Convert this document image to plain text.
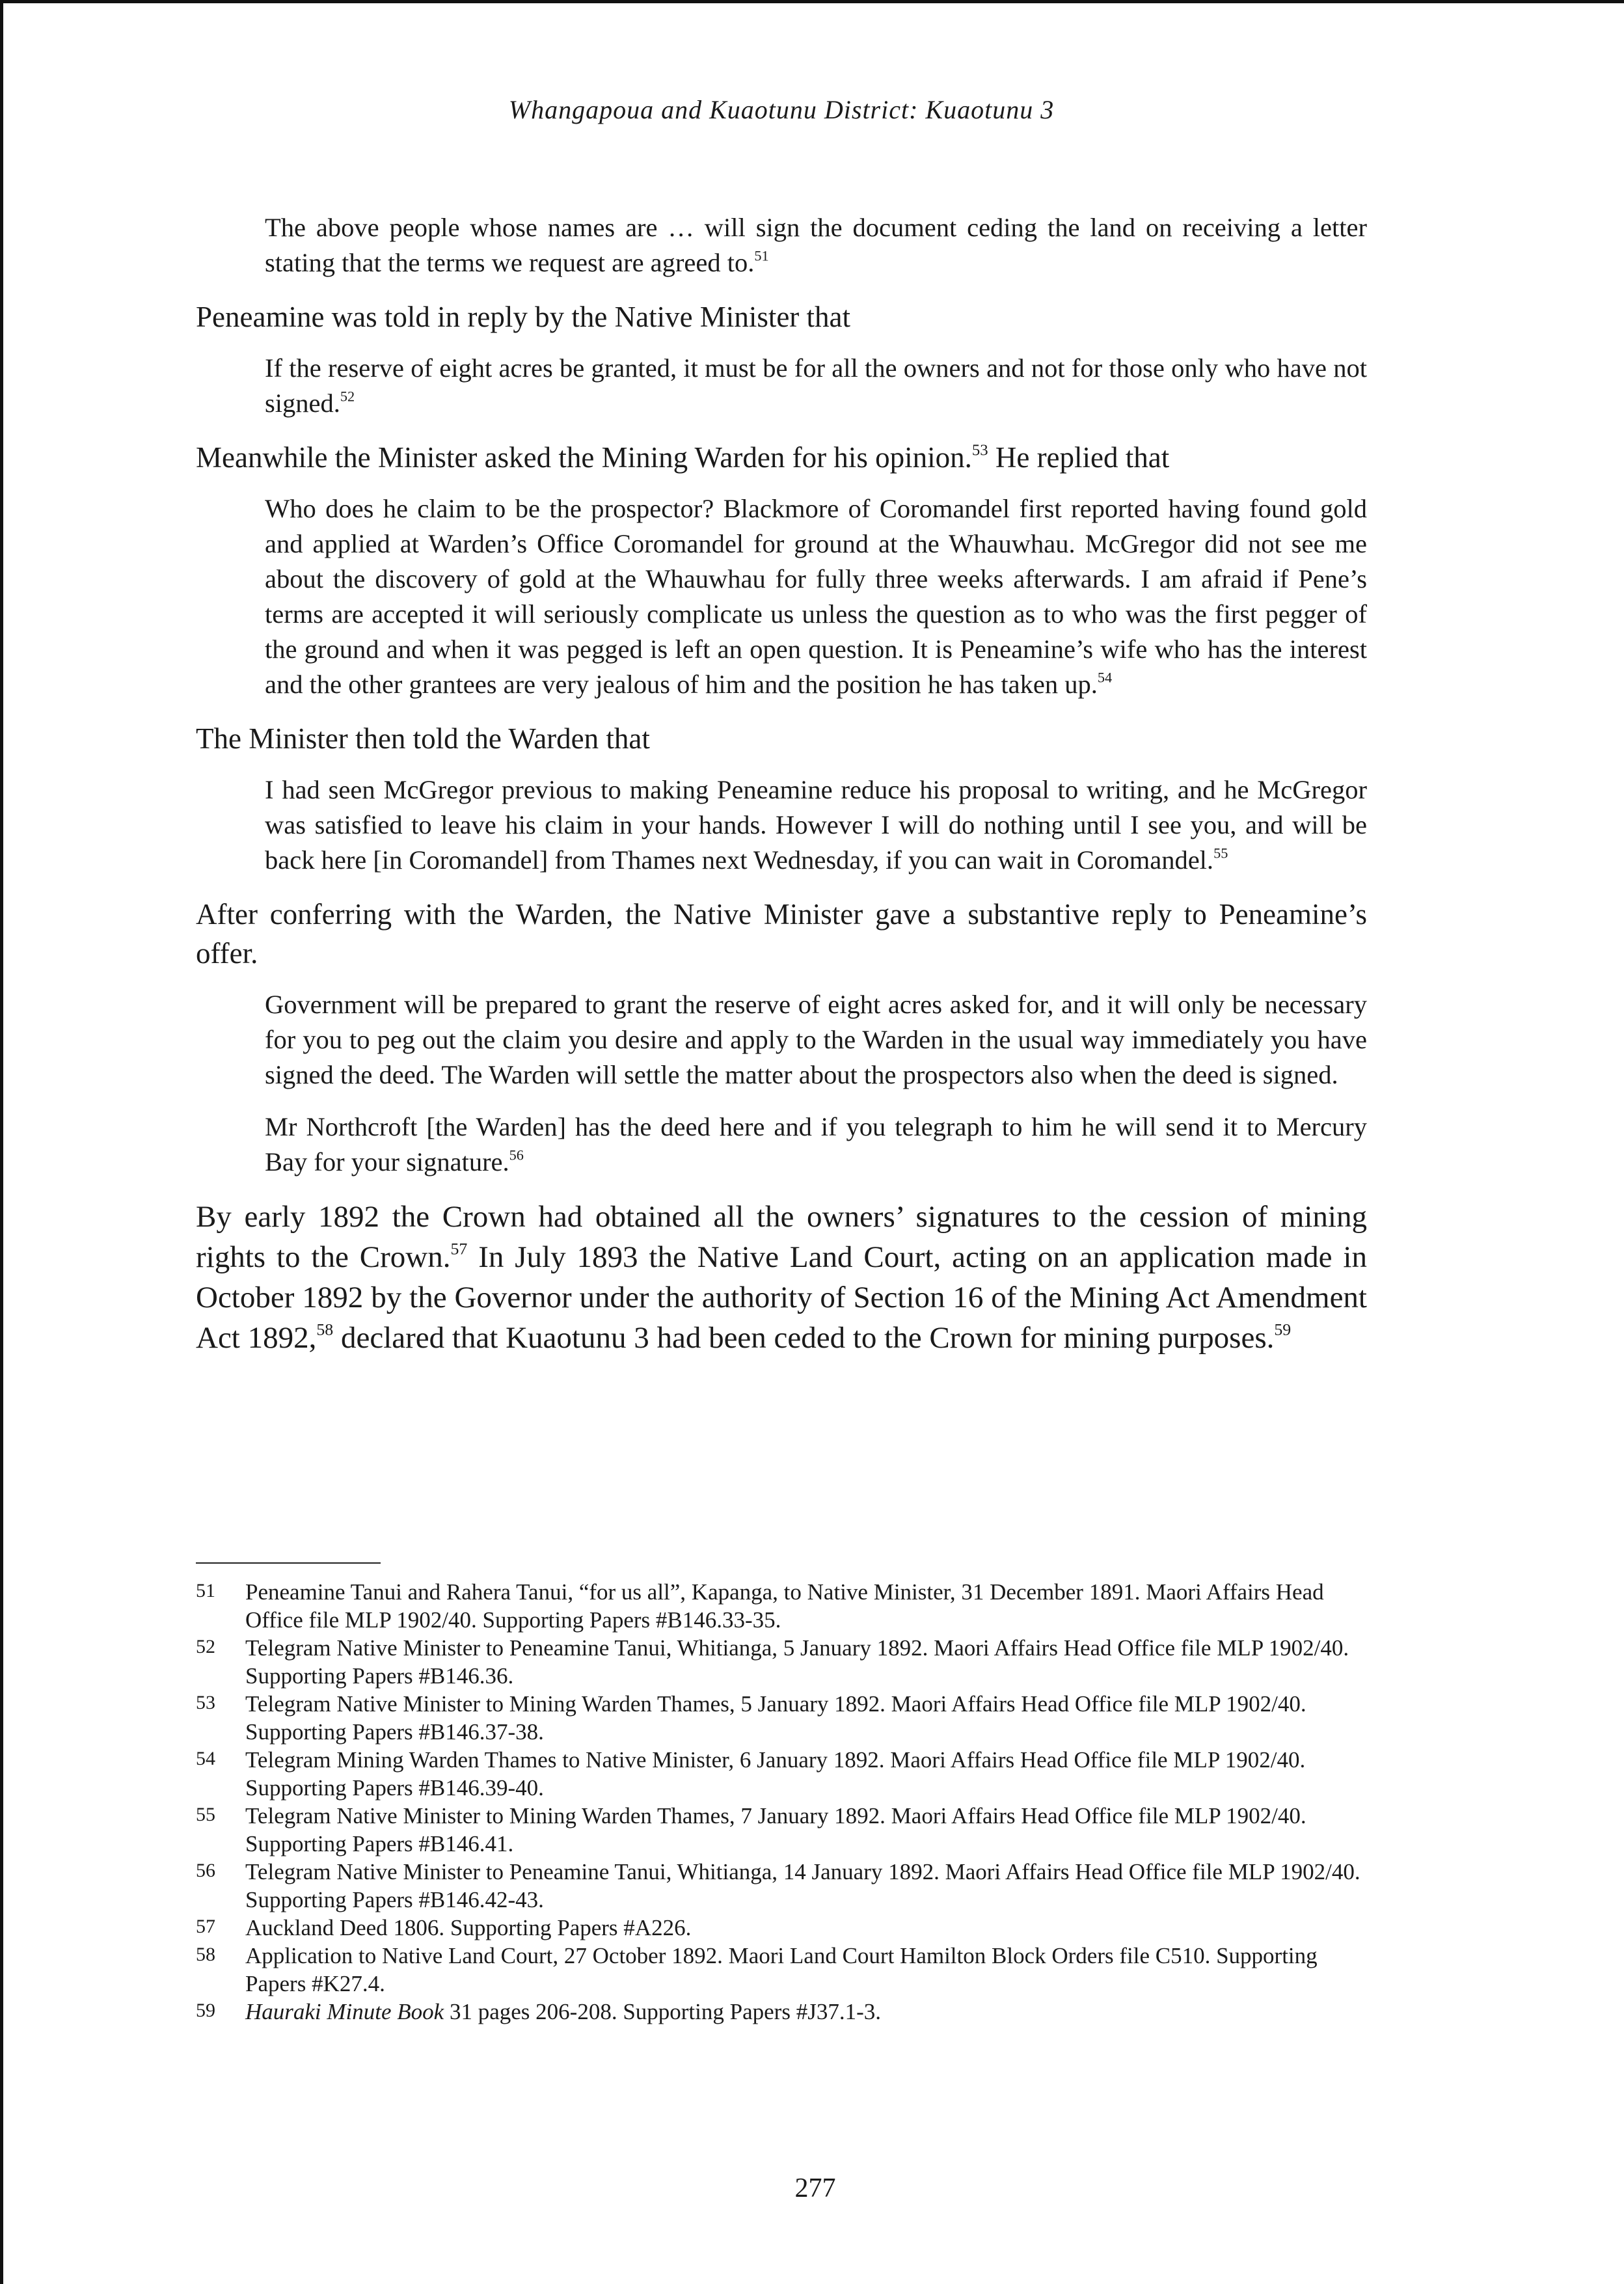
Whangapoua and Kuaotunu District: Kuaotunu 3

The above people whose names are … will sign the document ceding the land on receiving a letter stating that the terms we request are agreed to.$^{51}$

Peneamine was told in reply by the Native Minister that

If the reserve of eight acres be granted, it must be for all the owners and not for those only who have not signed.$^{52}$

Meanwhile the Minister asked the Mining Warden for his opinion.$^{53}$ He replied that

Who does he claim to be the prospector? Blackmore of Coromandel first reported having found gold and applied at Warden’s Office Coromandel for ground at the Whauwhau. McGregor did not see me about the discovery of gold at the Whauwhau for fully three weeks afterwards. I am afraid if Pene’s terms are accepted it will seriously complicate us unless the question as to who was the first pegger of the ground and when it was pegged is left an open question. It is Peneamine’s wife who has the interest and the other grantees are very jealous of him and the position he has taken up.$^{54}$

The Minister then told the Warden that

I had seen McGregor previous to making Peneamine reduce his proposal to writing, and he McGregor was satisfied to leave his claim in your hands. However I will do nothing until I see you, and will be back here [in Coromandel] from Thames next Wednesday, if you can wait in Coromandel.$^{55}$

After conferring with the Warden, the Native Minister gave a substantive reply to Peneamine’s offer.

Government will be prepared to grant the reserve of eight acres asked for, and it will only be necessary for you to peg out the claim you desire and apply to the Warden in the usual way immediately you have signed the deed. The Warden will settle the matter about the prospectors also when the deed is signed.

Mr Northcroft [the Warden] has the deed here and if you telegraph to him he will send it to Mercury Bay for your signature.$^{56}$

By early 1892 the Crown had obtained all the owners’ signatures to the cession of mining rights to the Crown.$^{57}$ In July 1893 the Native Land Court, acting on an application made in October 1892 by the Governor under the authority of Section 16 of the Mining Act Amendment Act 1892,58 declared that Kuaotunu 3 had been ceded to the Crown for mining purposes.$^{59}$

51	Peneamine Tanui and Rahera Tanui, “for us all”, Kapanga, to Native Minister, 31 December 1891. Maori Affairs Head Office file MLP 1902/40. Supporting Papers #B146.33-35.
52	Telegram Native Minister to Peneamine Tanui, Whitianga, 5 January 1892. Maori Affairs Head Office file MLP 1902/40. Supporting Papers #B146.36.
53	Telegram Native Minister to Mining Warden Thames, 5 January 1892. Maori Affairs Head Office file MLP 1902/40. Supporting Papers #B146.37-38.
54	Telegram Mining Warden Thames to Native Minister, 6 January 1892. Maori Affairs Head Office file MLP 1902/40. Supporting Papers #B146.39-40.
55	Telegram Native Minister to Mining Warden Thames, 7 January 1892. Maori Affairs Head Office file MLP 1902/40. Supporting Papers #B146.41.
56	Telegram Native Minister to Peneamine Tanui, Whitianga, 14 January 1892. Maori Affairs Head Office file MLP 1902/40. Supporting Papers #B146.42-43.
57	Auckland Deed 1806. Supporting Papers #A226.
58	Application to Native Land Court, 27 October 1892. Maori Land Court Hamilton Block Orders file C510. Supporting Papers #K27.4.
59	Hauraki Minute Book 31 pages 206-208. Supporting Papers #J37.1-3.
277
